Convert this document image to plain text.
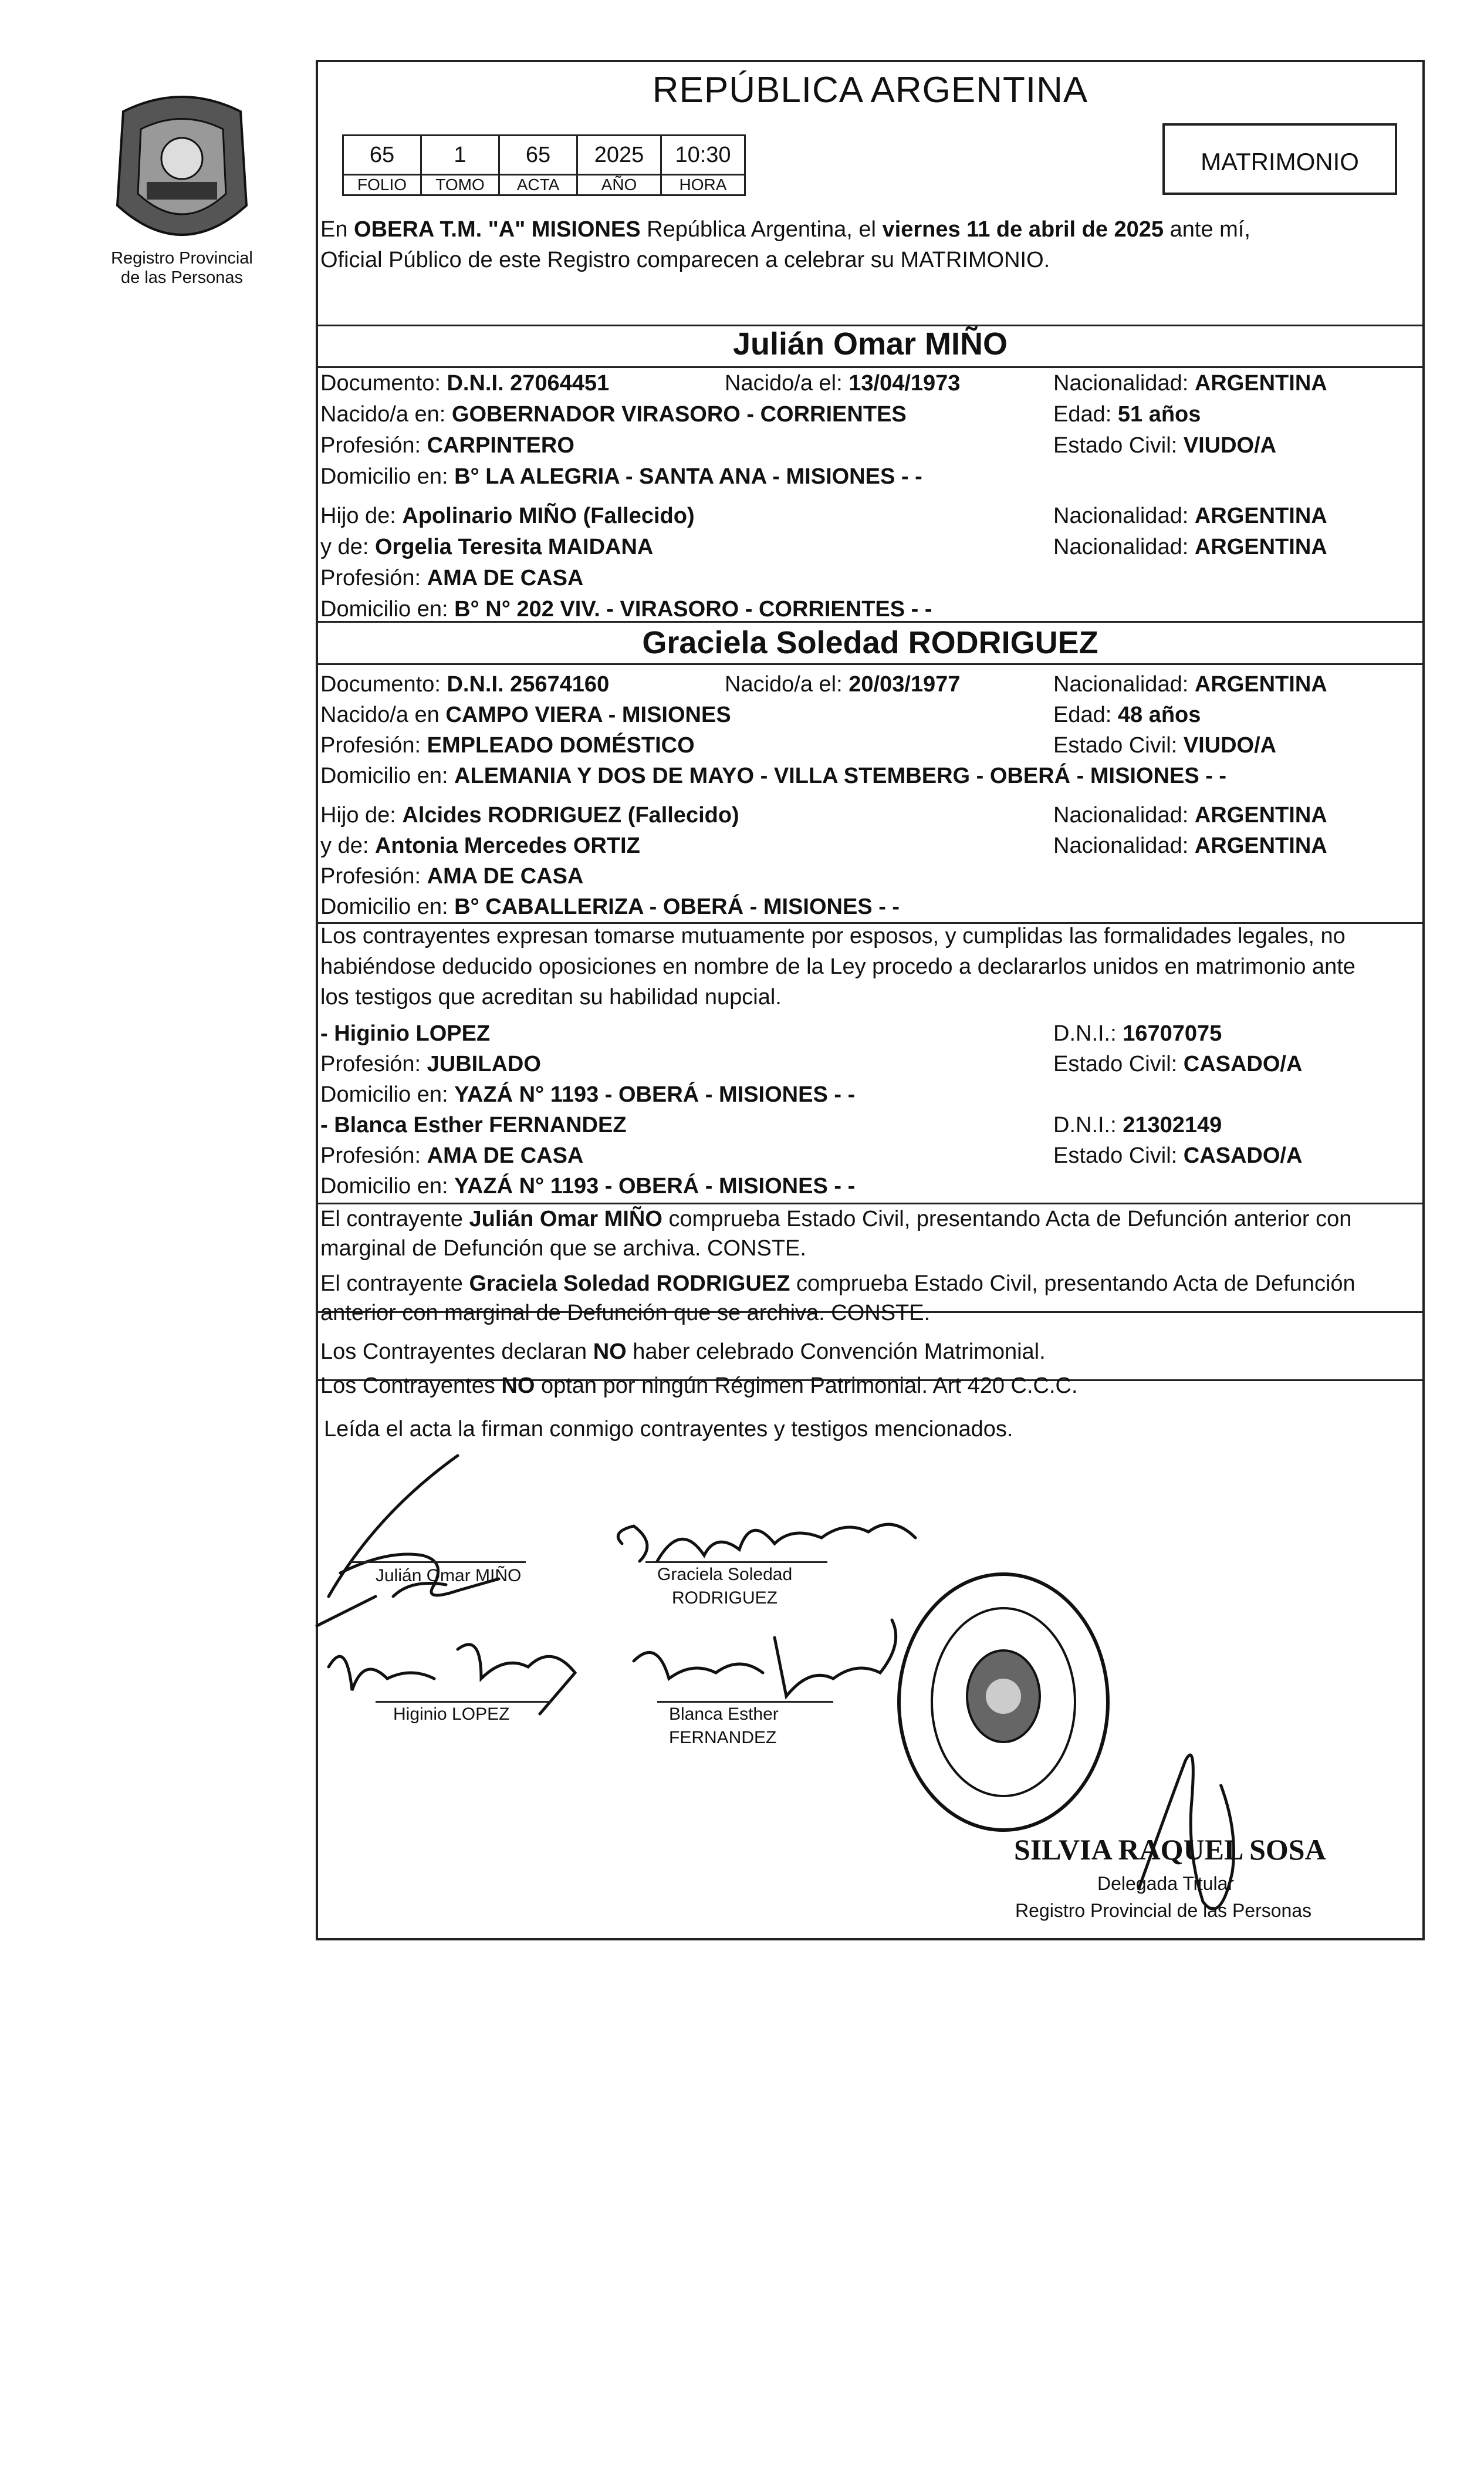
Registro Provincial
de las Personas
REPÚBLICA ARGENTINA
65	1	65	2025	10:30
FOLIO	TOMO	ACTA	AÑO	HORA
MATRIMONIO
En OBERA T.M. "A" MISIONES República Argentina, el viernes 11 de abril de 2025 ante mí,
Oficial Público de este Registro comparecen a celebrar su MATRIMONIO.
Julián Omar MIÑO
Documento: D.N.I. 27064451	Nacido/a el: 13/04/1973	Nacionalidad: ARGENTINA
Nacido/a en: GOBERNADOR VIRASORO - CORRIENTES	Edad: 51 años
Profesión: CARPINTERO	Estado Civil: VIUDO/A
Domicilio en: B° LA ALEGRIA - SANTA ANA - MISIONES - -
Hijo de: Apolinario MIÑO (Fallecido)	Nacionalidad: ARGENTINA
y de: Orgelia Teresita MAIDANA	Nacionalidad: ARGENTINA
Profesión: AMA DE CASA
Domicilio en: B° N° 202 VIV. - VIRASORO - CORRIENTES - -
Graciela Soledad RODRIGUEZ
Documento: D.N.I. 25674160	Nacido/a el: 20/03/1977	Nacionalidad: ARGENTINA
Nacido/a en CAMPO VIERA - MISIONES	Edad: 48 años
Profesión: EMPLEADO DOMÉSTICO	Estado Civil: VIUDO/A
Domicilio en: ALEMANIA Y DOS DE MAYO - VILLA STEMBERG - OBERÁ - MISIONES - -
Hijo de: Alcides RODRIGUEZ (Fallecido)	Nacionalidad: ARGENTINA
y de: Antonia Mercedes ORTIZ	Nacionalidad: ARGENTINA
Profesión: AMA DE CASA
Domicilio en: B° CABALLERIZA - OBERÁ - MISIONES - -
Los contrayentes expresan tomarse mutuamente por esposos, y cumplidas las formalidades legales, no
habiéndose deducido oposiciones en nombre de la Ley procedo a declararlos unidos en matrimonio ante
los testigos que acreditan su habilidad nupcial.
- Higinio LOPEZ	D.N.I.: 16707075
Profesión: JUBILADO	Estado Civil: CASADO/A
Domicilio en: YAZÁ N° 1193 - OBERÁ - MISIONES - -
- Blanca Esther FERNANDEZ	D.N.I.: 21302149
Profesión: AMA DE CASA	Estado Civil: CASADO/A
Domicilio en: YAZÁ N° 1193 - OBERÁ - MISIONES - -
El contrayente Julián Omar MIÑO comprueba Estado Civil, presentando Acta de Defunción anterior con
marginal de Defunción que se archiva. CONSTE.
El contrayente Graciela Soledad RODRIGUEZ comprueba Estado Civil, presentando Acta de Defunción
anterior con marginal de Defunción que se archiva. CONSTE.
Los Contrayentes declaran NO haber celebrado Convención Matrimonial.
Los Contrayentes NO optan por ningún Régimen Patrimonial. Art 420 C.C.C.
Leída el acta la firman conmigo contrayentes y testigos mencionados.
Julián Omar MIÑO	Graciela Soledad
RODRIGUEZ
Higinio LOPEZ	Blanca Esther
FERNANDEZ
SILVIA RAQUEL SOSA
Delegada Titular
Registro Provincial de las Personas
